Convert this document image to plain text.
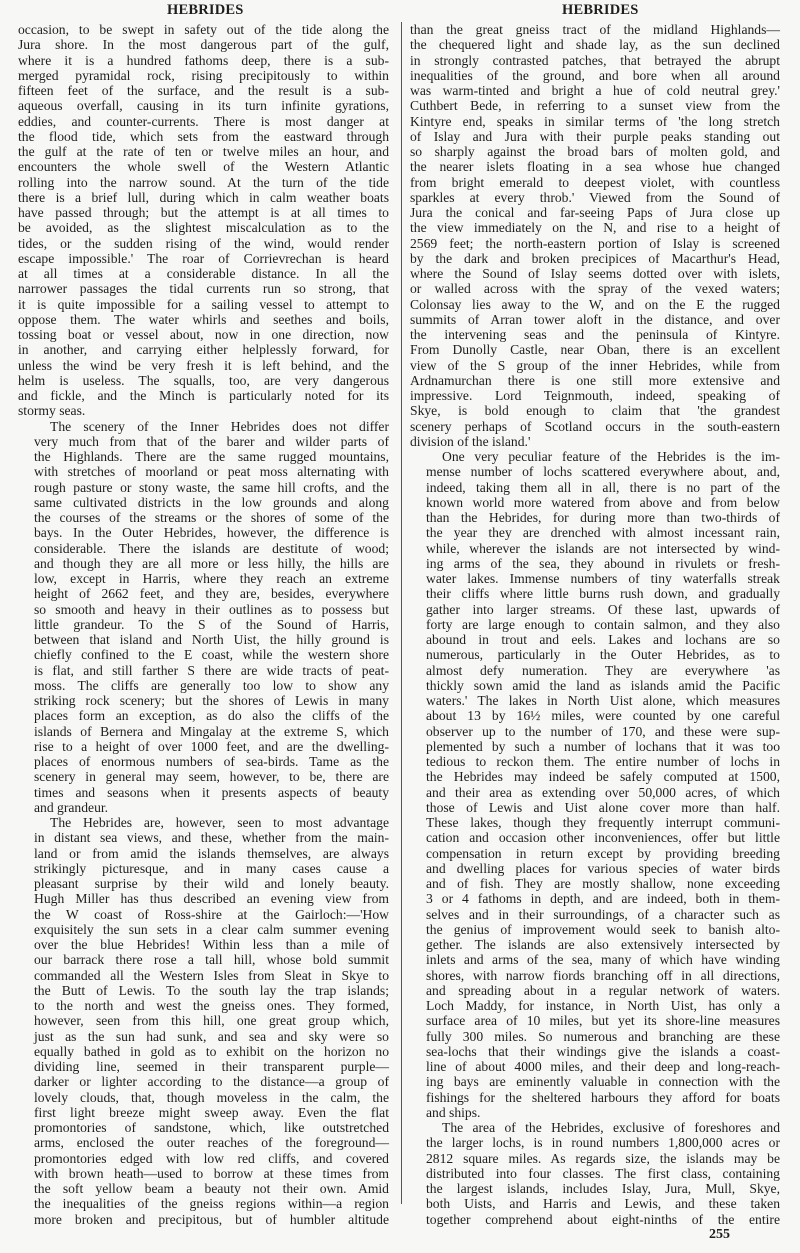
HEBRIDES	HEBRIDES

occasion, to be swept in safety out of the tide along the
Jura shore. In the most dangerous part of the gulf,
where it is a hundred fathoms deep, there is a sub-
merged pyramidal rock, rising precipitously to within
fifteen feet of the surface, and the result is a sub-
aqueous overfall, causing in its turn infinite gyrations,
eddies, and counter-currents. There is most danger at
the flood tide, which sets from the eastward through
the gulf at the rate of ten or twelve miles an hour, and
encounters the whole swell of the Western Atlantic
rolling into the narrow sound. At the turn of the tide
there is a brief lull, during which in calm weather boats
have passed through; but the attempt is at all times to
be avoided, as the slightest miscalculation as to the
tides, or the sudden rising of the wind, would render
escape impossible.' The roar of Corrievrechan is heard
at all times at a considerable distance. In all the
narrower passages the tidal currents run so strong, that
it is quite impossible for a sailing vessel to attempt to
oppose them. The water whirls and seethes and boils,
tossing boat or vessel about, now in one direction, now
in another, and carrying either helplessly forward, for
unless the wind be very fresh it is left behind, and the
helm is useless. The squalls, too, are very dangerous
and fickle, and the Minch is particularly noted for its
stormy seas.

The scenery of the Inner Hebrides does not differ
very much from that of the barer and wilder parts of
the Highlands. There are the same rugged mountains,
with stretches of moorland or peat moss alternating with
rough pasture or stony waste, the same hill crofts, and the
same cultivated districts in the low grounds and along
the courses of the streams or the shores of some of the
bays. In the Outer Hebrides, however, the difference is
considerable. There the islands are destitute of wood;
and though they are all more or less hilly, the hills are
low, except in Harris, where they reach an extreme
height of 2662 feet, and they are, besides, everywhere
so smooth and heavy in their outlines as to possess but
little grandeur. To the S of the Sound of Harris,
between that island and North Uist, the hilly ground is
chiefly confined to the E coast, while the western shore
is flat, and still farther S there are wide tracts of peat-
moss. The cliffs are generally too low to show any
striking rock scenery; but the shores of Lewis in many
places form an exception, as do also the cliffs of the
islands of Bernera and Mingalay at the extreme S, which
rise to a height of over 1000 feet, and are the dwelling-
places of enormous numbers of sea-birds. Tame as the
scenery in general may seem, however, to be, there are
times and seasons when it presents aspects of beauty
and grandeur.

The Hebrides are, however, seen to most advantage
in distant sea views, and these, whether from the main-
land or from amid the islands themselves, are always
strikingly picturesque, and in many cases cause a
pleasant surprise by their wild and lonely beauty.
Hugh Miller has thus described an evening view from
the W coast of Ross-shire at the Gairloch:—'How
exquisitely the sun sets in a clear calm summer evening
over the blue Hebrides! Within less than a mile of
our barrack there rose a tall hill, whose bold summit
commanded all the Western Isles from Sleat in Skye to
the Butt of Lewis. To the south lay the trap islands;
to the north and west the gneiss ones. They formed,
however, seen from this hill, one great group which,
just as the sun had sunk, and sea and sky were so
equally bathed in gold as to exhibit on the horizon no
dividing line, seemed in their transparent purple—
darker or lighter according to the distance—a group of
lovely clouds, that, though moveless in the calm, the
first light breeze might sweep away. Even the flat
promontories of sandstone, which, like outstretched
arms, enclosed the outer reaches of the foreground—
promontories edged with low red cliffs, and covered
with brown heath—used to borrow at these times from
the soft yellow beam a beauty not their own. Amid
the inequalities of the gneiss regions within—a region
more broken and precipitous, but of humbler altitude

than the great gneiss tract of the midland Highlands—
the chequered light and shade lay, as the sun declined
in strongly contrasted patches, that betrayed the abrupt
inequalities of the ground, and bore when all around
was warm-tinted and bright a hue of cold neutral grey.'
Cuthbert Bede, in referring to a sunset view from the
Kintyre end, speaks in similar terms of 'the long stretch
of Islay and Jura with their purple peaks standing out
so sharply against the broad bars of molten gold, and
the nearer islets floating in a sea whose hue changed
from bright emerald to deepest violet, with countless
sparkles at every throb.' Viewed from the Sound of
Jura the conical and far-seeing Paps of Jura close up
the view immediately on the N, and rise to a height of
2569 feet; the north-eastern portion of Islay is screened
by the dark and broken precipices of Macarthur's Head,
where the Sound of Islay seems dotted over with islets,
or walled across with the spray of the vexed waters;
Colonsay lies away to the W, and on the E the rugged
summits of Arran tower aloft in the distance, and over
the intervening seas and the peninsula of Kintyre.
From Dunolly Castle, near Oban, there is an excellent
view of the S group of the inner Hebrides, while from
Ardnamurchan there is one still more extensive and
impressive. Lord Teignmouth, indeed, speaking of
Skye, is bold enough to claim that 'the grandest
scenery perhaps of Scotland occurs in the south-eastern
division of the island.'

One very peculiar feature of the Hebrides is the im-
mense number of lochs scattered everywhere about, and,
indeed, taking them all in all, there is no part of the
known world more watered from above and from below
than the Hebrides, for during more than two-thirds of
the year they are drenched with almost incessant rain,
while, wherever the islands are not intersected by wind-
ing arms of the sea, they abound in rivulets or fresh-
water lakes. Immense numbers of tiny waterfalls streak
their cliffs where little burns rush down, and gradually
gather into larger streams. Of these last, upwards of
forty are large enough to contain salmon, and they also
abound in trout and eels. Lakes and lochans are so
numerous, particularly in the Outer Hebrides, as to
almost defy numeration. They are everywhere 'as
thickly sown amid the land as islands amid the Pacific
waters.' The lakes in North Uist alone, which measures
about 13 by 16½ miles, were counted by one careful
observer up to the number of 170, and these were sup-
plemented by such a number of lochans that it was too
tedious to reckon them. The entire number of lochs in
the Hebrides may indeed be safely computed at 1500,
and their area as extending over 50,000 acres, of which
those of Lewis and Uist alone cover more than half.
These lakes, though they frequently interrupt communi-
cation and occasion other inconveniences, offer but little
compensation in return except by providing breeding
and dwelling places for various species of water birds
and of fish. They are mostly shallow, none exceeding
3 or 4 fathoms in depth, and are indeed, both in them-
selves and in their surroundings, of a character such as
the genius of improvement would seek to banish alto-
gether. The islands are also extensively intersected by
inlets and arms of the sea, many of which have winding
shores, with narrow fiords branching off in all directions,
and spreading about in a regular network of waters.
Loch Maddy, for instance, in North Uist, has only a
surface area of 10 miles, but yet its shore-line measures
fully 300 miles. So numerous and branching are these
sea-lochs that their windings give the islands a coast-
line of about 4000 miles, and their deep and long-reach-
ing bays are eminently valuable in connection with the
fishings for the sheltered harbours they afford for boats
and ships.

The area of the Hebrides, exclusive of foreshores and
the larger lochs, is in round numbers 1,800,000 acres or
2812 square miles. As regards size, the islands may be
distributed into four classes. The first class, containing
the largest islands, includes Islay, Jura, Mull, Skye,
both Uists, and Harris and Lewis, and these taken
together comprehend about eight-ninths of the entire

255
